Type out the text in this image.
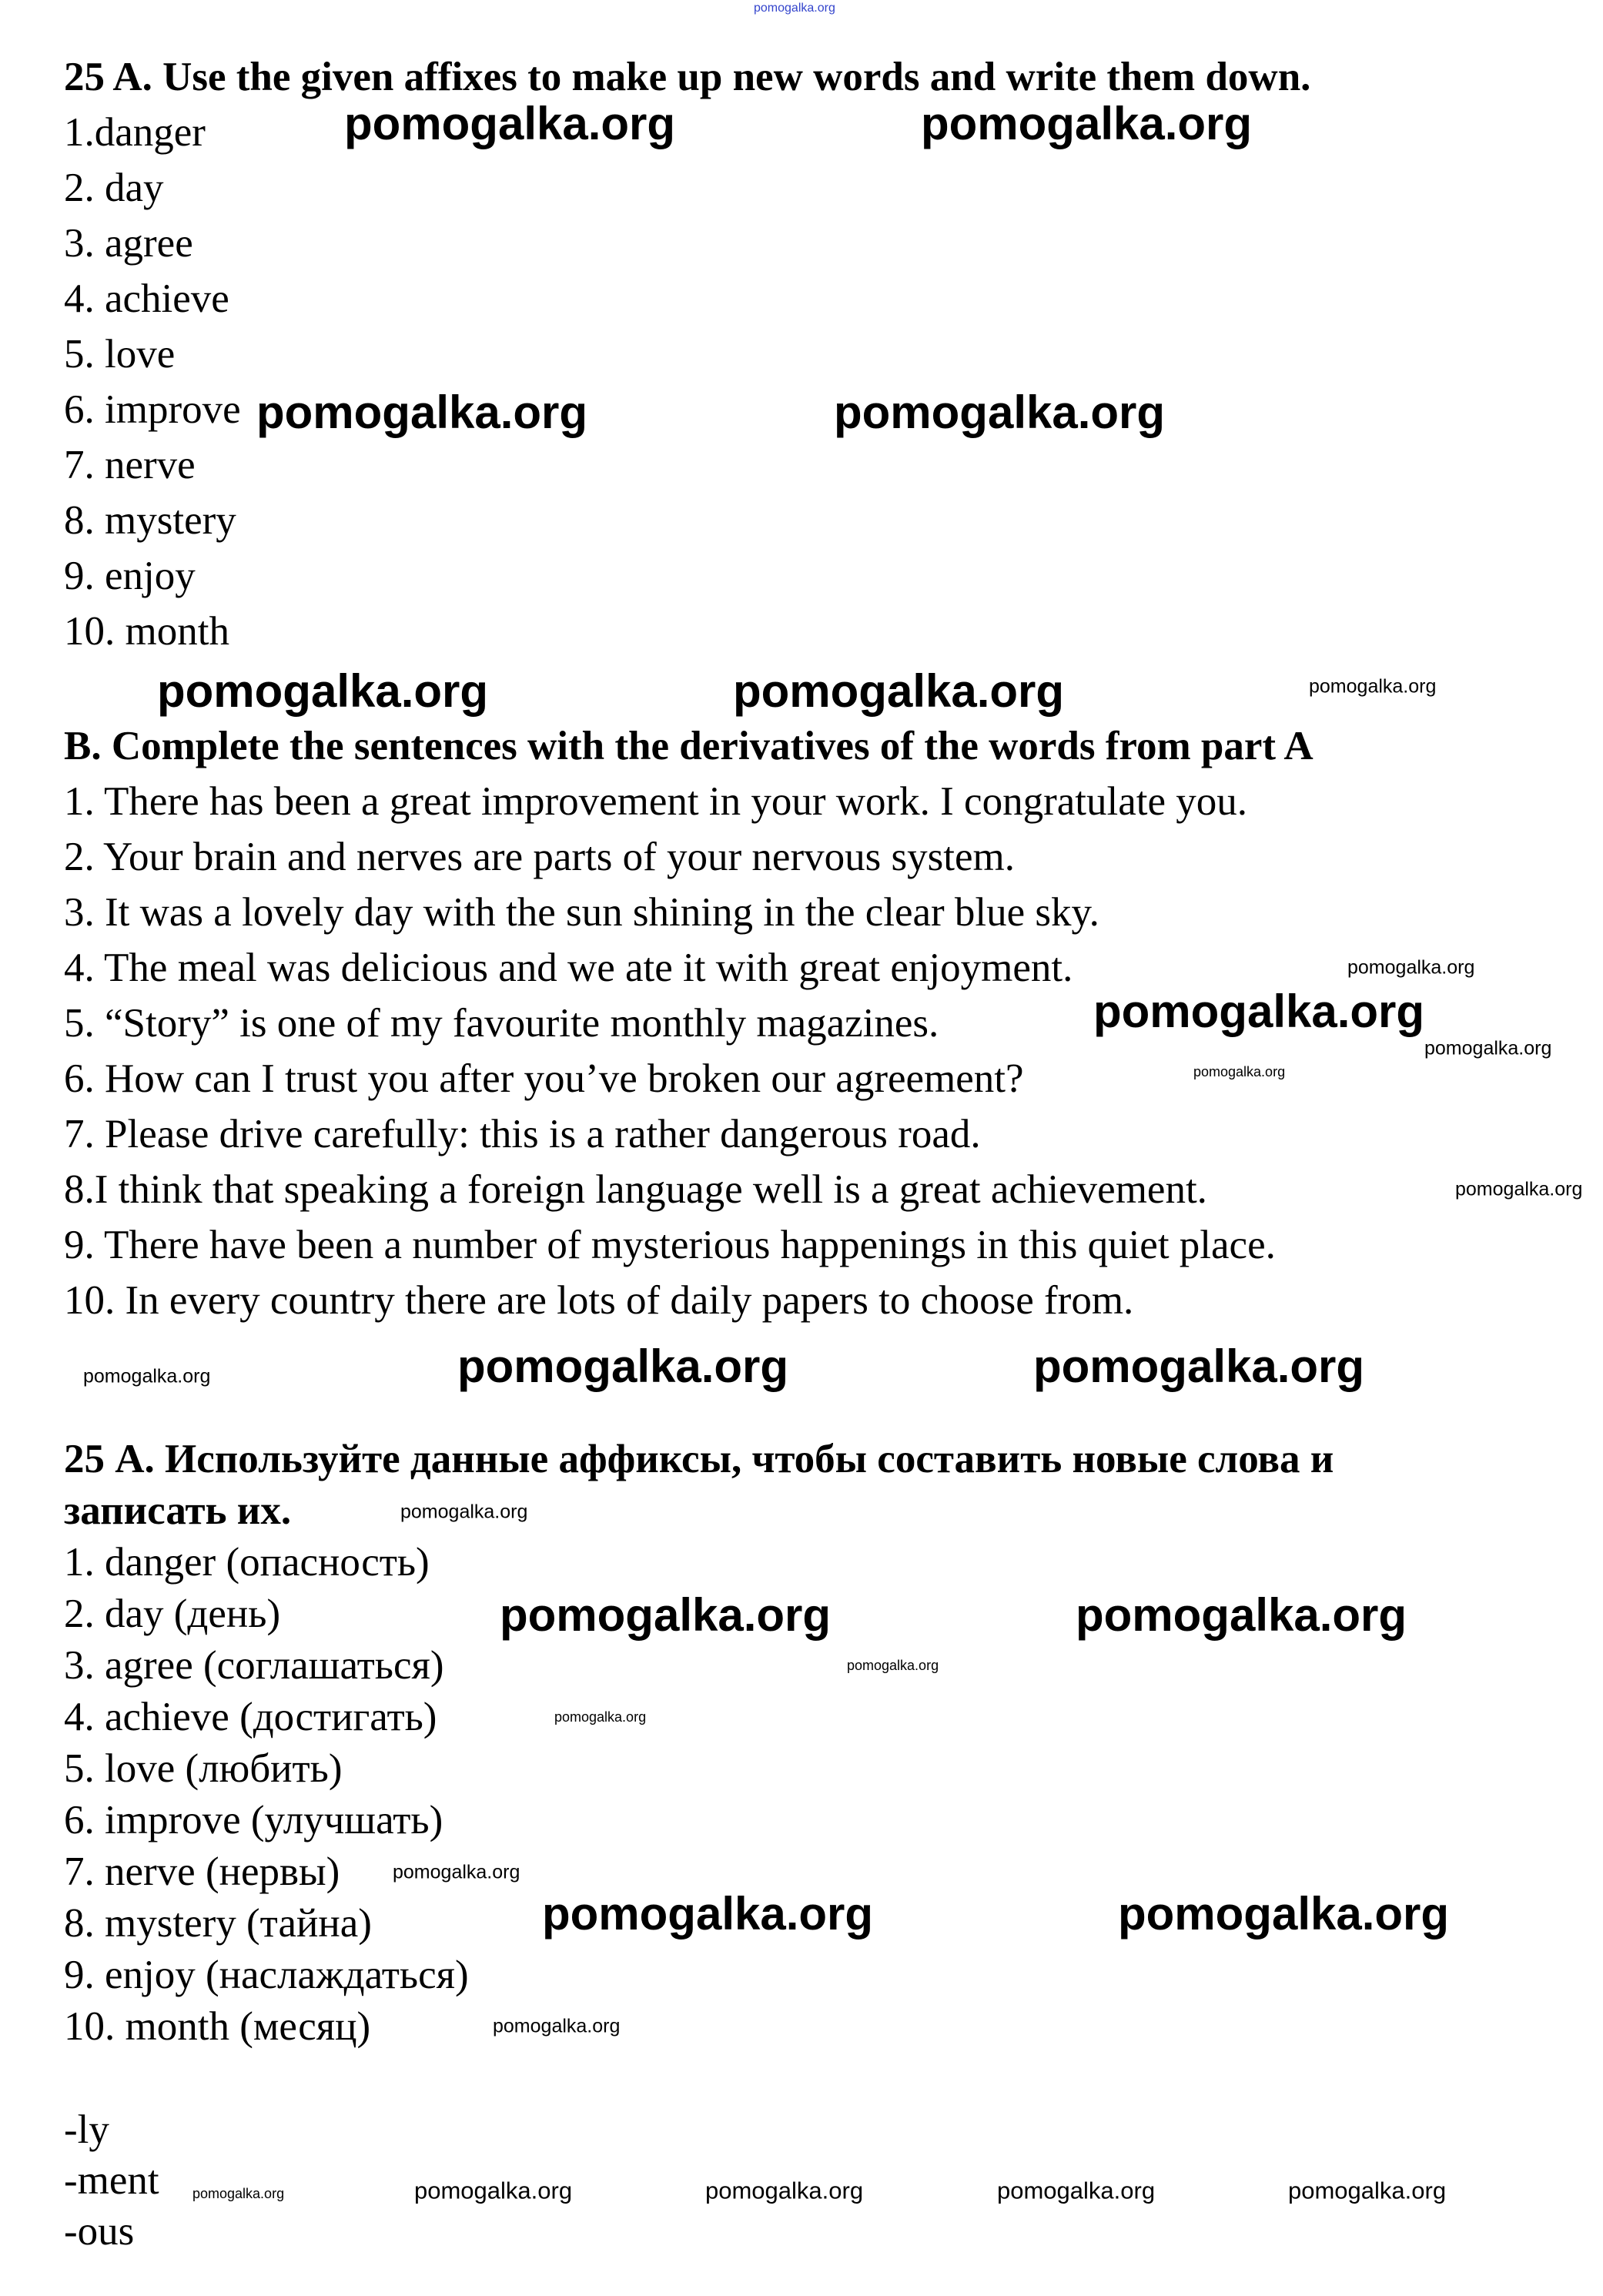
25 A. Use the given affixes to make up new words and write them down.
1.danger
2. day
3. agree
4. achieve
5. love
6. improve
7. nerve
8. mystery
9. enjoy
10. month
B. Complete the sentences with the derivatives of the words from part A
1. There has been a great improvement in your work. I congratulate you.
2. Your brain and nerves are parts of your nervous system.
3. It was a lovely day with the sun shining in the clear blue sky.
4. The meal was delicious and we ate it with great enjoyment.
5. “Story” is one of my favourite monthly magazines.
6. How can I trust you after you’ve broken our agreement?
7. Please drive carefully: this is a rather dangerous road.
8.I think that speaking a foreign language well is a great achievement.
9. There have been a number of mysterious happenings in this quiet place.
10. In every country there are lots of daily papers to choose from.
25 А. Используйте данные аффиксы, чтобы составить новые слова и
записать их.
1. danger (опасность)
2. day (день)
3. agree (соглашаться)
4. achieve (достигать)
5. love (любить)
6. improve (улучшать)
7. nerve (нервы)
8. mystery (тайна)
9. enjoy (наслаждаться)
10. month (месяц)
-ly
-ment
-ous
pomogalka.org
pomogalka.org	pomogalka.org
pomogalka.org	pomogalka.org
pomogalka.org	pomogalka.org	pomogalka.org
pomogalka.org
pomogalka.org
pomogalka.org
pomogalka.org
pomogalka.org
pomogalka.org	pomogalka.org
pomogalka.org
pomogalka.org
pomogalka.org	pomogalka.org
pomogalka.org
pomogalka.org
pomogalka.org
pomogalka.org	pomogalka.org
pomogalka.org
pomogalka.org	pomogalka.org	pomogalka.org	pomogalka.org	pomogalka.org
